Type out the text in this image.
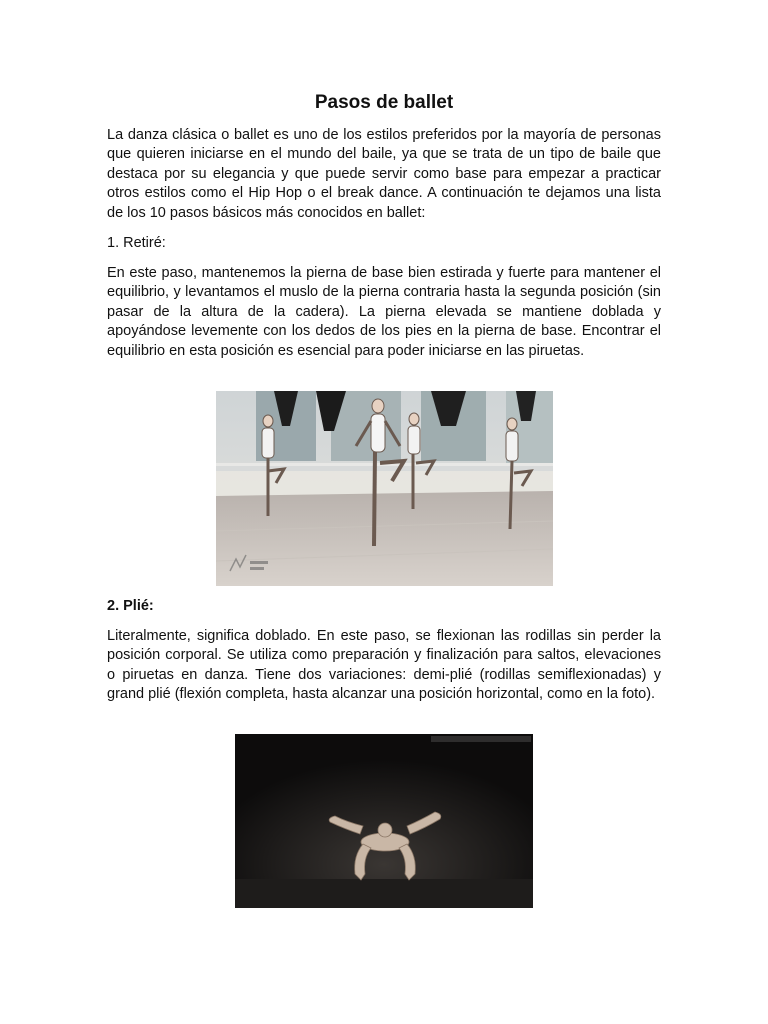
Pasos de ballet

La danza clásica o ballet es uno de los estilos preferidos por la mayoría de personas que quieren iniciarse en el mundo del baile, ya que se trata de un tipo de baile que destaca por su elegancia y que puede servir como base para empezar a practicar otros estilos como el Hip Hop o el break dance. A continuación te dejamos una lista de los 10 pasos básicos más conocidos en ballet:

1. Retiré:

En este paso, mantenemos la pierna de base bien estirada y fuerte para mantener el equilibrio, y levantamos el muslo de la pierna contraria hasta la segunda posición (sin pasar de la altura de la cadera). La pierna elevada se mantiene doblada y apoyándose levemente con los dedos de los pies en la pierna de base. Encontrar el equilibrio en esta posición es esencial para poder iniciarse en las piruetas.

2. Plié:

Literalmente, significa doblado. En este paso, se flexionan las rodillas sin perder la posición corporal. Se utiliza como preparación y finalización para saltos, elevaciones o piruetas en danza. Tiene dos variaciones: demi-plié (rodillas semiflexionadas) y grand plié (flexión completa, hasta alcanzar una posición horizontal, como en la foto).
